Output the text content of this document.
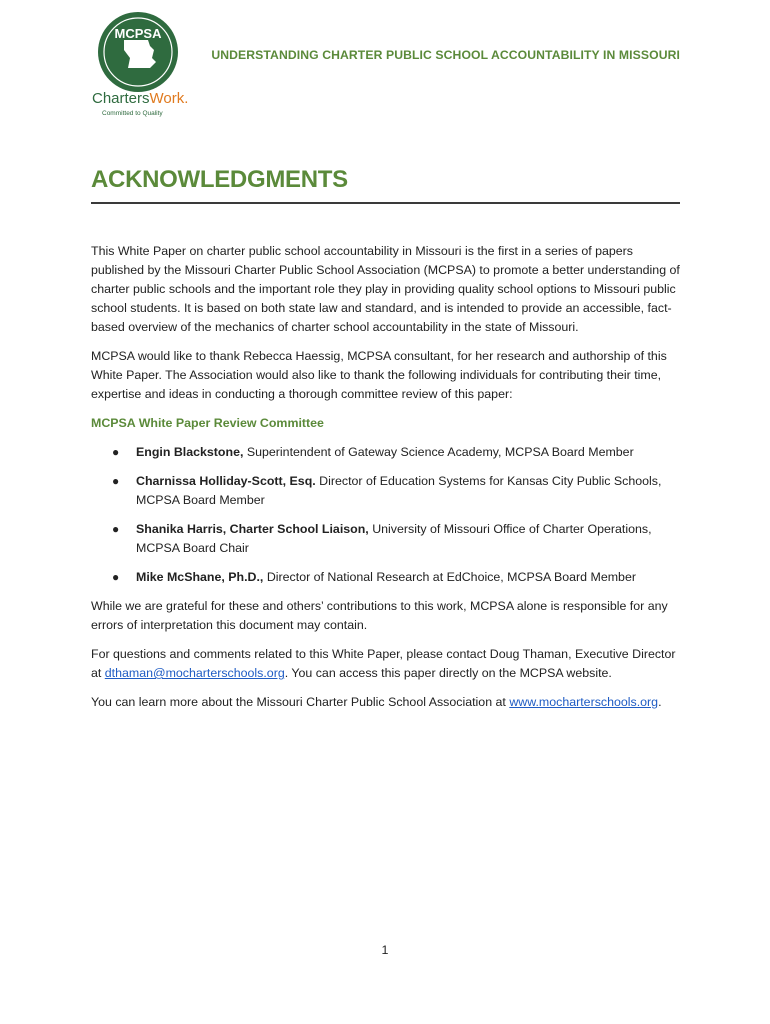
MCPSA
ChartersWork.
Committed to Quality
UNDERSTANDING CHARTER PUBLIC SCHOOL ACCOUNTABILITY IN MISSOURI
ACKNOWLEDGMENTS

This White Paper on charter public school accountability in Missouri is the first in a series of papers published by the Missouri Charter Public School Association (MCPSA) to promote a better understanding of charter public schools and the important role they play in providing quality school options to Missouri public school students. It is based on both state law and standard, and is intended to provide an accessible, fact-based overview of the mechanics of charter school accountability in the state of Missouri.

MCPSA would like to thank Rebecca Haessig, MCPSA consultant, for her research and authorship of this White Paper. The Association would also like to thank the following individuals for contributing their time, expertise and ideas in conducting a thorough committee review of this paper:

MCPSA White Paper Review Committee

● Engin Blackstone, Superintendent of Gateway Science Academy, MCPSA Board Member
● Charnissa Holliday-Scott, Esq. Director of Education Systems for Kansas City Public Schools, MCPSA Board Member
● Shanika Harris, Charter School Liaison, University of Missouri Office of Charter Operations, MCPSA Board Chair
● Mike McShane, Ph.D., Director of National Research at EdChoice, MCPSA Board Member

While we are grateful for these and others’ contributions to this work, MCPSA alone is responsible for any errors of interpretation this document may contain.

For questions and comments related to this White Paper, please contact Doug Thaman, Executive Director at dthaman@mocharterschools.org. You can access this paper directly on the MCPSA website.

You can learn more about the Missouri Charter Public School Association at www.mocharterschools.org.

1
